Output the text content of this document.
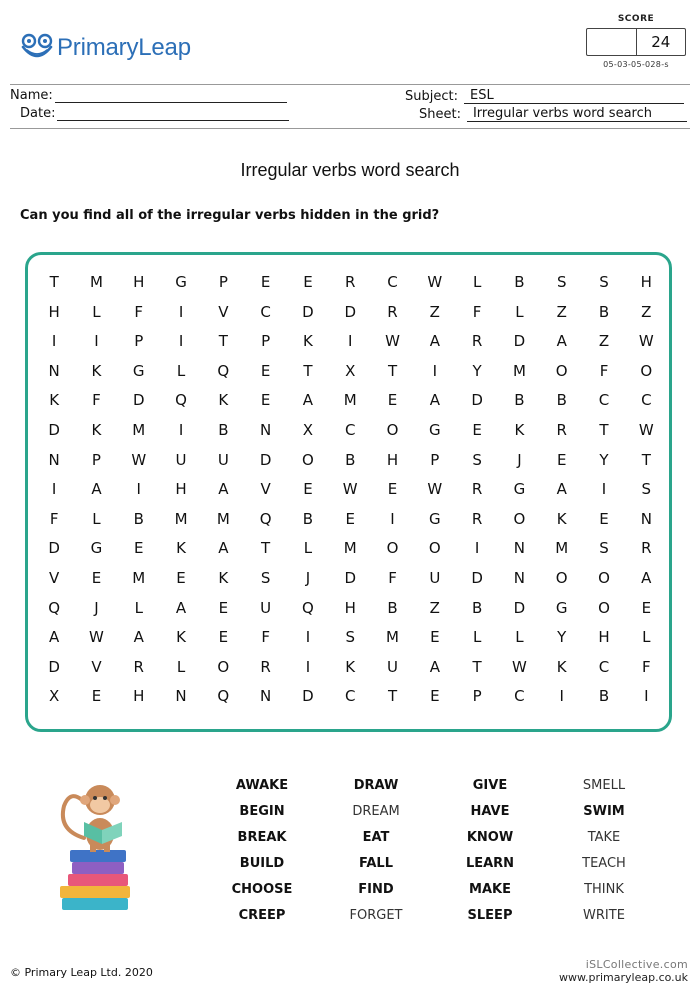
PrimaryLeap
SCORE
24
05-03-05-028-s
Name:
Date:
Subject: ESL
Sheet: Irregular verbs word search
Irregular verbs word search
Can you find all of the irregular verbs hidden in the grid?
T	M	H	G	P	E	E	R	C	W	L	B	S	S	H
H	L	F	I	V	C	D	D	R	Z	F	L	Z	B	Z
I	I	P	I	T	P	K	I	W	A	R	D	A	Z	W
N	K	G	L	Q	E	T	X	T	I	Y	M	O	F	O
K	F	D	Q	K	E	A	M	E	A	D	B	B	C	C
D	K	M	I	B	N	X	C	O	G	E	K	R	T	W
N	P	W	U	U	D	O	B	H	P	S	J	E	Y	T
I	A	I	H	A	V	E	W	E	W	R	G	A	I	S
F	L	B	M	M	Q	B	E	I	G	R	O	K	E	N
D	G	E	K	A	T	L	M	O	O	I	N	M	S	R
V	E	M	E	K	S	J	D	F	U	D	N	O	O	A
Q	J	L	A	E	U	Q	H	B	Z	B	D	G	O	E
A	W	A	K	E	F	I	S	M	E	L	L	Y	H	L
D	V	R	L	O	R	I	K	U	A	T	W	K	C	F
X	E	H	N	Q	N	D	C	T	E	P	C	I	B	I
AWAKE	DRAW	GIVE	SMELL
BEGIN	DREAM	HAVE	SWIM
BREAK	EAT	KNOW	TAKE
BUILD	FALL	LEARN	TEACH
CHOOSE	FIND	MAKE	THINK
CREEP	FORGET	SLEEP	WRITE
© Primary Leap Ltd. 2020
iSLCollective.com
www.primaryleap.co.uk
